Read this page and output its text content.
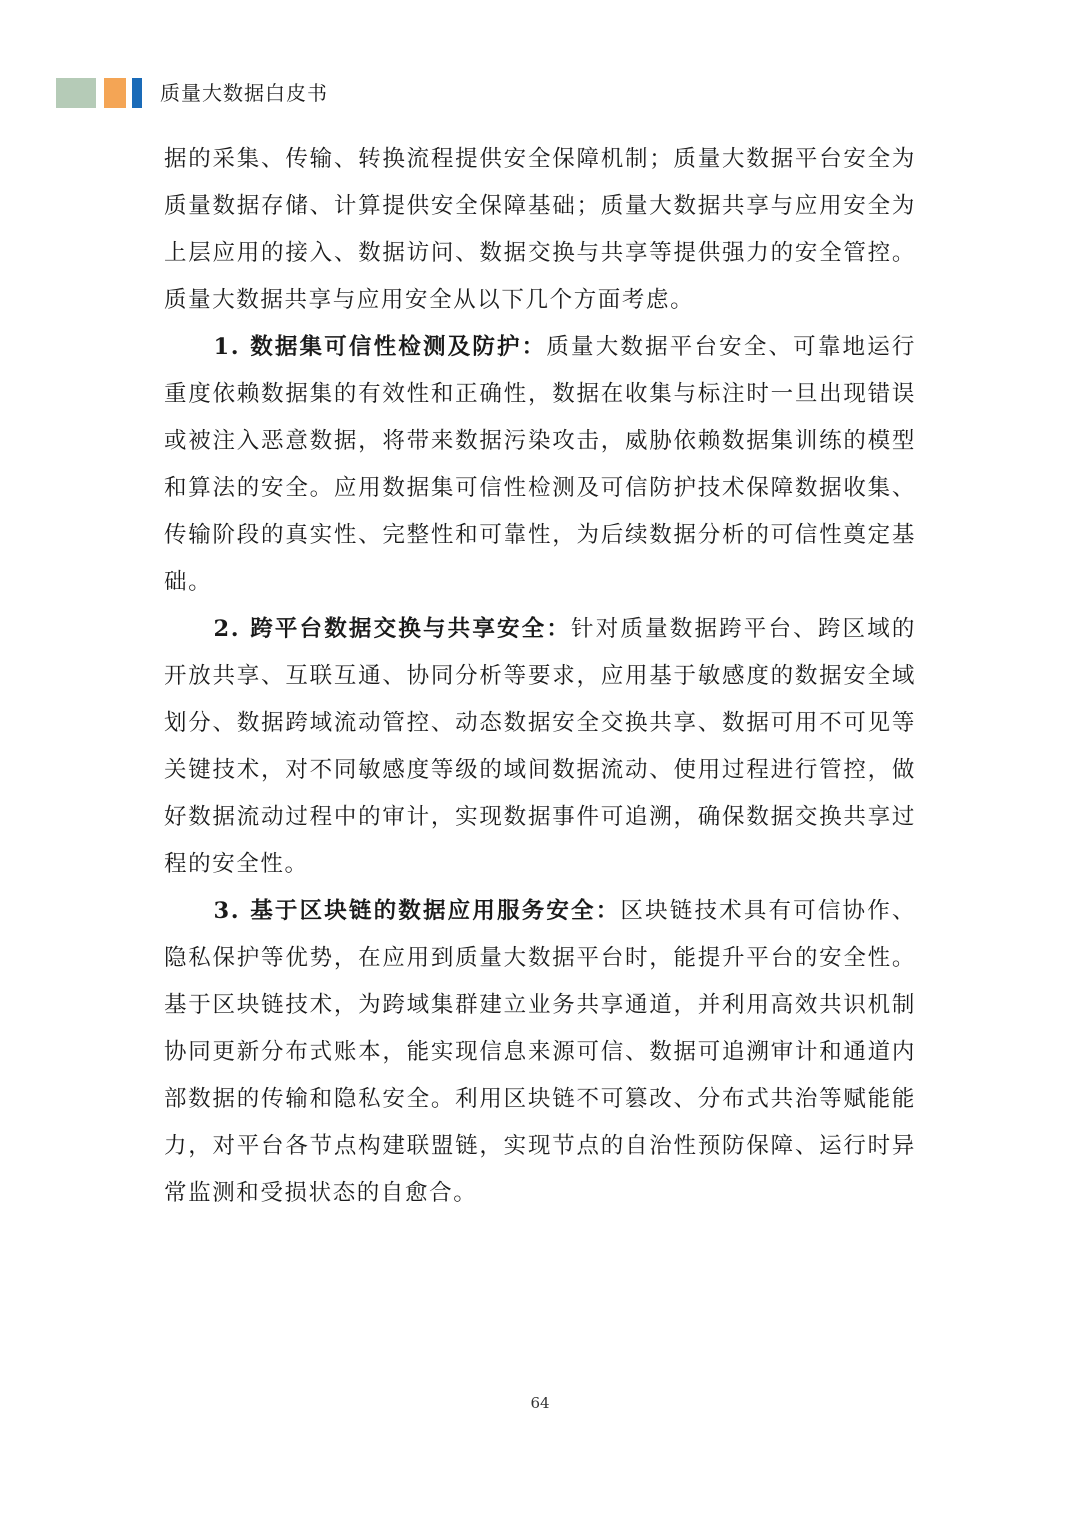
质量大数据白皮书

据的采集、传输、转换流程提供安全保障机制；质量大数据平台安全为质量数据存储、计算提供安全保障基础；质量大数据共享与应用安全为上层应用的接入、数据访问、数据交换与共享等提供强力的安全管控。质量大数据共享与应用安全从以下几个方面考虑。

1. 数据集可信性检测及防护：质量大数据平台安全、可靠地运行重度依赖数据集的有效性和正确性，数据在收集与标注时一旦出现错误或被注入恶意数据，将带来数据污染攻击，威胁依赖数据集训练的模型和算法的安全。应用数据集可信性检测及可信防护技术保障数据收集、传输阶段的真实性、完整性和可靠性，为后续数据分析的可信性奠定基础。

2. 跨平台数据交换与共享安全：针对质量数据跨平台、跨区域的开放共享、互联互通、协同分析等要求，应用基于敏感度的数据安全域划分、数据跨域流动管控、动态数据安全交换共享、数据可用不可见等关键技术，对不同敏感度等级的域间数据流动、使用过程进行管控，做好数据流动过程中的审计，实现数据事件可追溯，确保数据交换共享过程的安全性。

3. 基于区块链的数据应用服务安全：区块链技术具有可信协作、隐私保护等优势，在应用到质量大数据平台时，能提升平台的安全性。基于区块链技术，为跨域集群建立业务共享通道，并利用高效共识机制协同更新分布式账本，能实现信息来源可信、数据可追溯审计和通道内部数据的传输和隐私安全。利用区块链不可篡改、分布式共治等赋能能力，对平台各节点构建联盟链，实现节点的自治性预防保障、运行时异常监测和受损状态的自愈合。

64
